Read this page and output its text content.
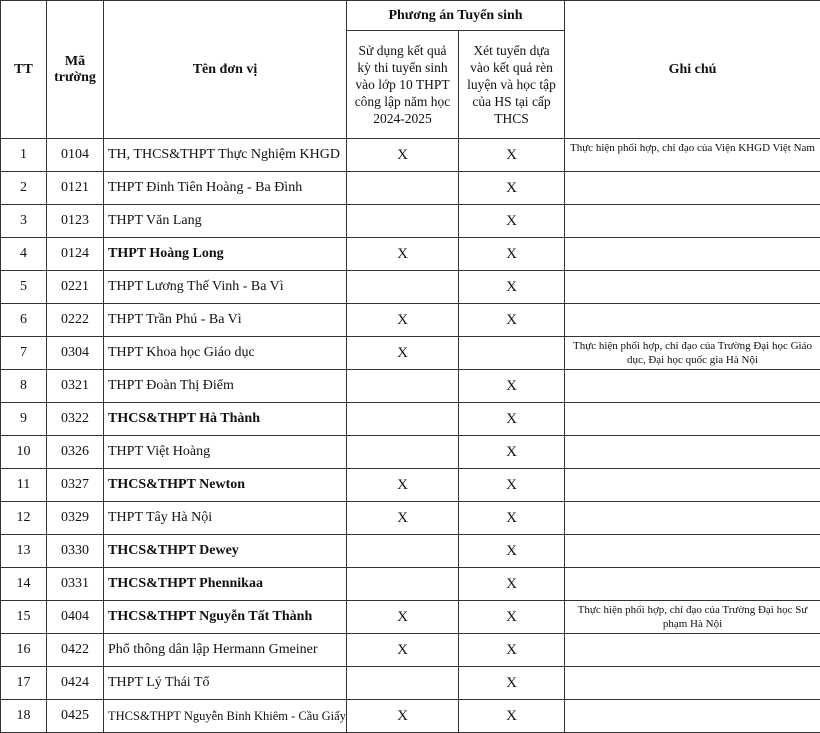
TT	Mã trường	Tên đơn vị	Phương án Tuyển sinh		Ghi chú
			Sử dụng kết quả kỳ thi tuyển sinh vào lớp 10 THPT công lập năm học 2024-2025	Xét tuyển dựa vào kết quả rèn luyện và học tập của HS tại cấp THCS	
1	0104	TH, THCS&THPT Thực Nghiệm KHGD	X	X	Thực hiện phối hợp, chỉ đạo của Viện KHGD Việt Nam
2	0121	THPT Đinh Tiên Hoàng - Ba Đình		X	
3	0123	THPT Văn Lang		X	
4	0124	THPT Hoàng Long	X	X	
5	0221	THPT Lương Thế Vinh - Ba Vì		X	
6	0222	THPT Trần Phú - Ba Vì	X	X	
7	0304	THPT Khoa học Giáo dục	X		Thực hiện phối hợp, chỉ đạo của Trường Đại học Giáo dục, Đại học quốc gia Hà Nội
8	0321	THPT Đoàn Thị Điểm		X	
9	0322	THCS&THPT Hà Thành		X	
10	0326	THPT Việt Hoàng		X	
11	0327	THCS&THPT Newton	X	X	
12	0329	THPT Tây Hà Nội	X	X	
13	0330	THCS&THPT Dewey		X	
14	0331	THCS&THPT Phennikaa		X	
15	0404	THCS&THPT Nguyễn Tất Thành	X	X	Thực hiện phối hợp, chỉ đạo của Trường Đại học Sư phạm Hà Nội
16	0422	Phổ thông dân lập Hermann Gmeiner	X	X	
17	0424	THPT Lý Thái Tổ		X	
18	0425	THCS&THPT Nguyễn Bỉnh Khiêm - Cầu Giấy	X	X	
